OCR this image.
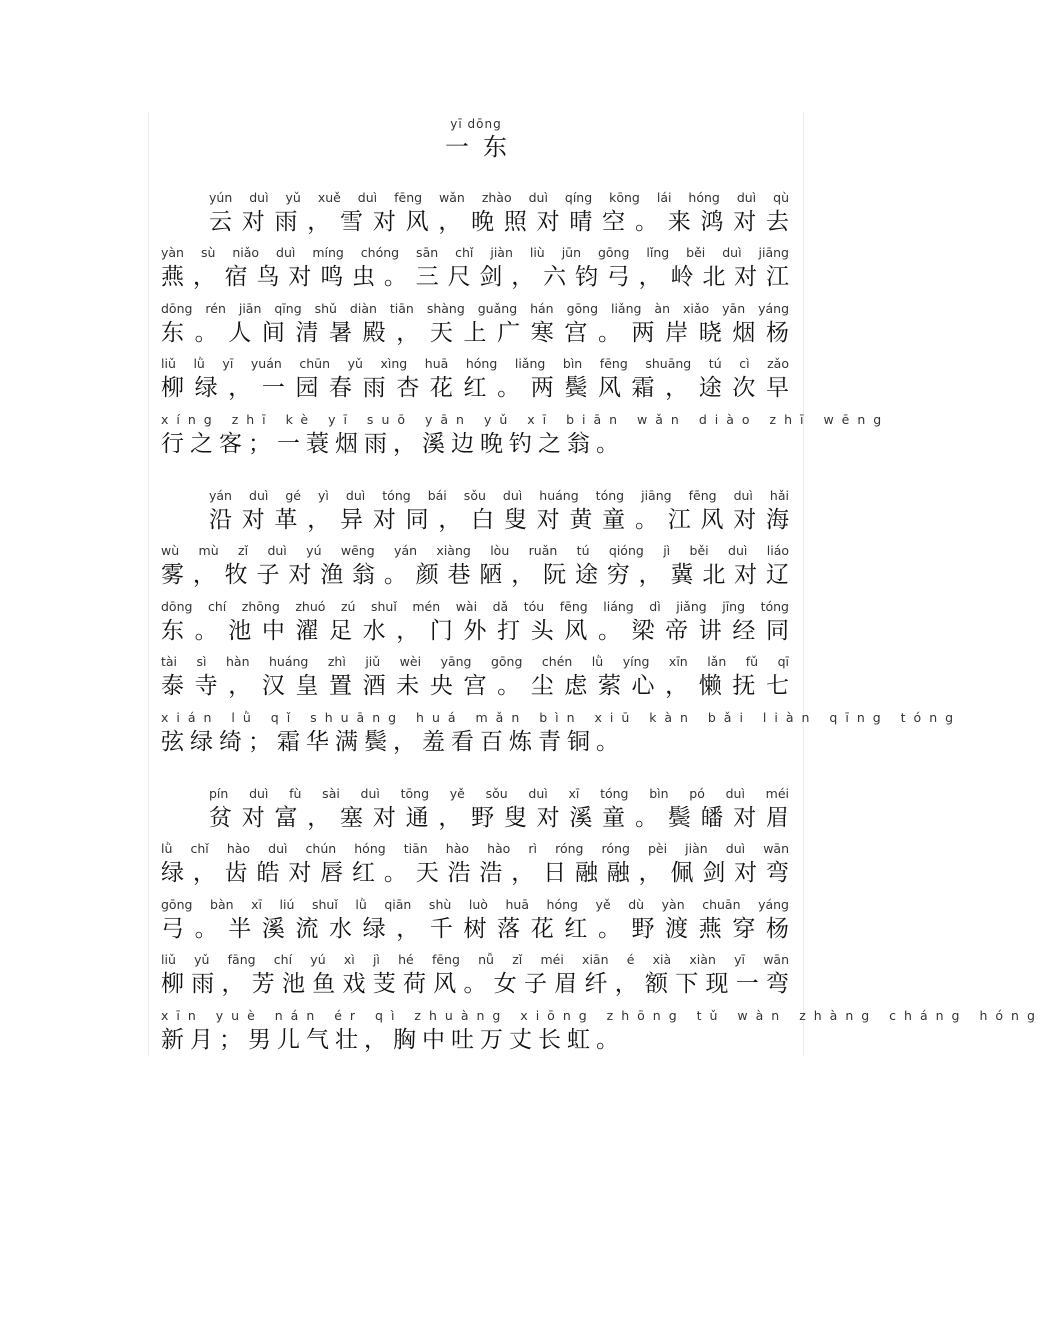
yī dōng
一东
yún duì yǔ xuě duì fēng wǎn zhào duì qíng kōng lái hóng duì qù
云对雨，雪对风，晚照对晴空。来鸿对去
yàn sù niǎo duì míng chóng sān chǐ jiàn liù jūn gōng lǐng běi duì jiāng
燕，宿鸟对鸣虫。三尺剑，六钧弓，岭北对江
dōng rén jiān qīng shǔ diàn tiān shàng guǎng hán gōng liǎng àn xiǎo yān yáng
东。人间清暑殿，天上广寒宫。两岸晓烟杨
liǔ lǜ yī yuán chūn yǔ xìng huā hóng liǎng bìn fēng shuāng tú cì zǎo
柳绿，一园春雨杏花红。两鬓风霜，途次早
xíng zhī kè yī suō yān yǔ xī biān wǎn diào zhī wēng
行之客；一蓑烟雨，溪边晚钓之翁。
yán duì gé yì duì tóng bái sǒu duì huáng tóng jiāng fēng duì hǎi
沿对革，异对同，白叟对黄童。江风对海
wù mù zǐ duì yú wēng yán xiàng lòu ruǎn tú qióng jì běi duì liáo
雾，牧子对渔翁。颜巷陋，阮途穷，冀北对辽
dōng chí zhōng zhuó zú shuǐ mén wài dǎ tóu fēng liáng dì jiǎng jīng tóng
东。池中濯足水，门外打头风。梁帝讲经同
tài sì hàn huáng zhì jiǔ wèi yāng gōng chén lǜ yíng xīn lǎn fǔ qī
泰寺，汉皇置酒未央宫。尘虑萦心，懒抚七
xián lǜ qǐ shuāng huá mǎn bìn xiū kàn bǎi liàn qīng tóng
弦绿绮；霜华满鬓，羞看百炼青铜。
pín duì fù sài duì tōng yě sǒu duì xī tóng bìn pó duì méi
贫对富，塞对通，野叟对溪童。鬓皤对眉
lǜ chǐ hào duì chún hóng tiān hào hào rì róng róng pèi jiàn duì wān
绿，齿皓对唇红。天浩浩，日融融，佩剑对弯
gōng bàn xī liú shuǐ lǜ qiān shù luò huā hóng yě dù yàn chuān yáng
弓。半溪流水绿，千树落花红。野渡燕穿杨
liǔ yǔ fāng chí yú xì jì hé fēng nǚ zǐ méi xiān é xià xiàn yī wān
柳雨，芳池鱼戏芰荷风。女子眉纤，额下现一弯
xīn yuè nán ér qì zhuàng xiōng zhōng tǔ wàn zhàng cháng hóng
新月；男儿气壮，胸中吐万丈长虹。
